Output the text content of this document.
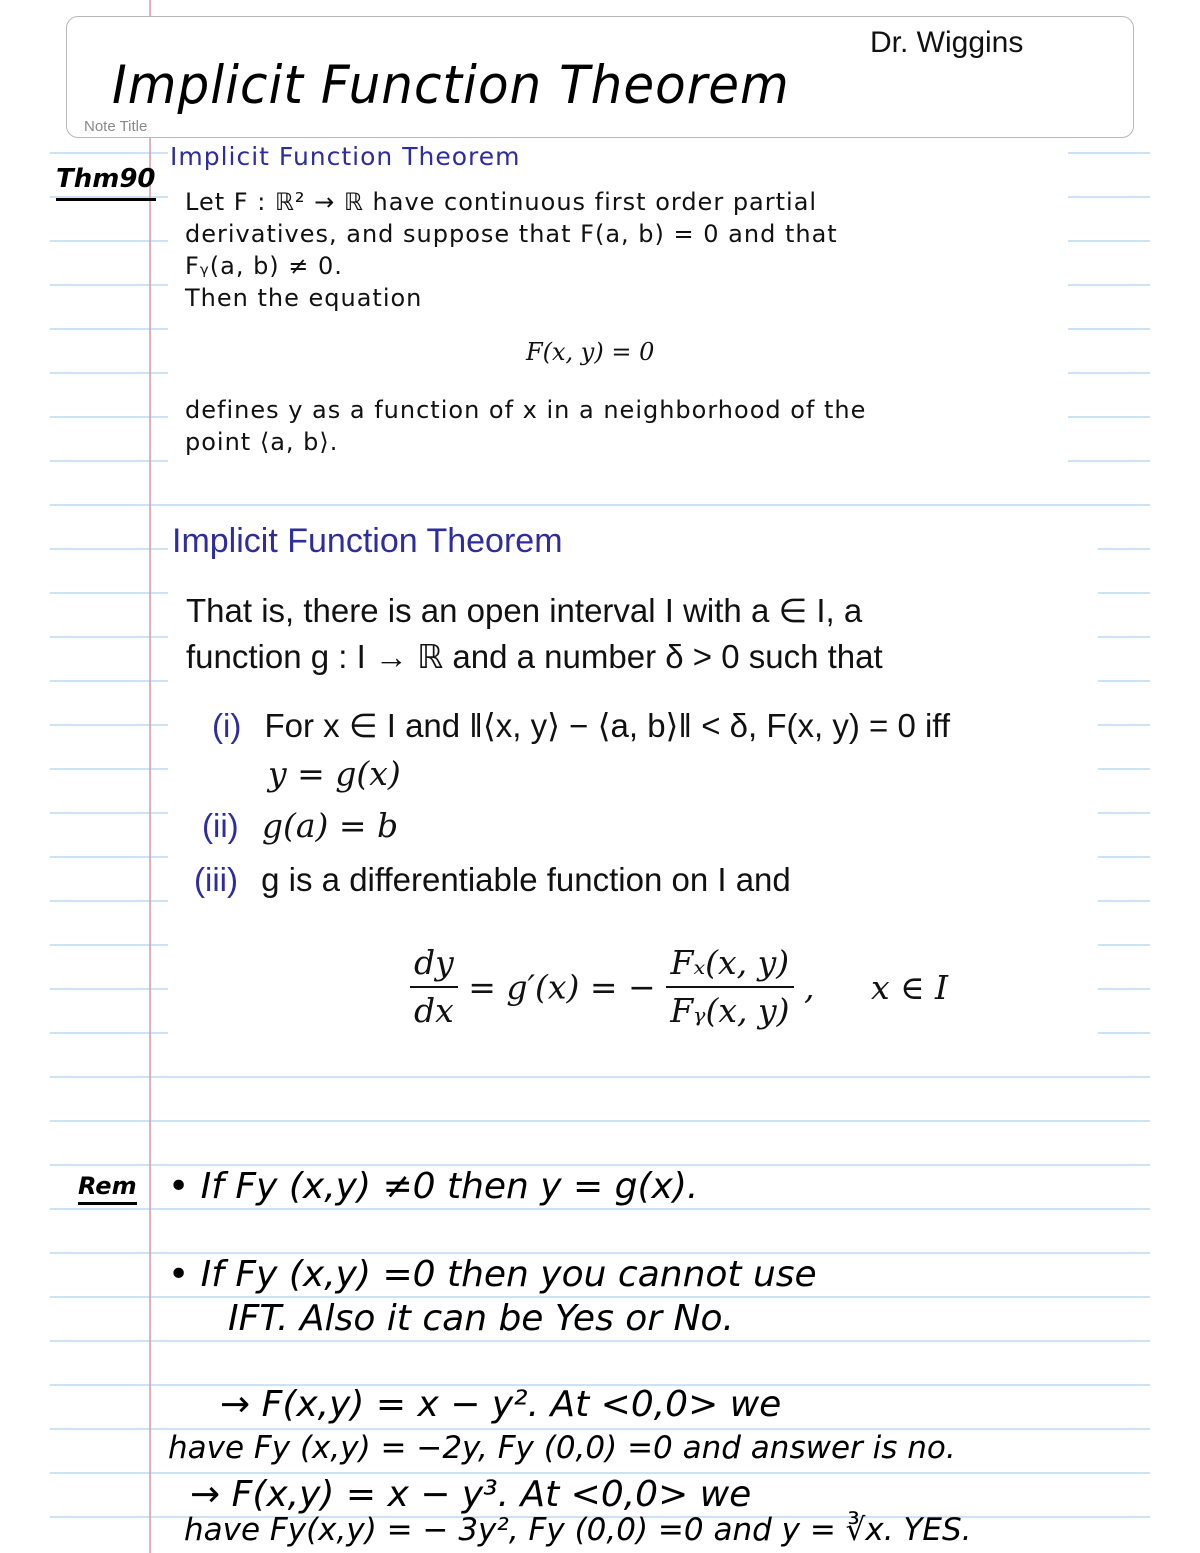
Dr. Wiggins
Implicit Function Theorem
Note Title
Thm90
Implicit Function Theorem
Let F : ℝ² → ℝ have continuous first order partial
derivatives, and suppose that F(a, b) = 0 and that
Fᵧ(a, b) ≠ 0.
Then the equation
F(x, y) = 0
defines y as a function of x in a neighborhood of the
point ⟨a, b⟩.
Implicit Function Theorem
That is, there is an open interval I with a ∈ I, a
function g : I → ℝ and a number δ > 0 such that
(i) For x ∈ I and ‖⟨x, y⟩ − ⟨a, b⟩‖ < δ, F(x, y) = 0 iff
y = g(x)
(ii) g(a) = b
(iii) g is a differentiable function on I and
$\frac{dy}{dx} = g'(x)$ = − $\frac{\text{Fₓ(x, y)}}{\text{Fᵧ(x, y)}}$ , x ∈ I
Rem • If Fy (x,y) ≠0 then y = g(x).
• If Fy (x,y) =0 then you cannot use
IFT. Also it can be Yes or No.
→ F(x,y) = x − y². At <0,0> we
have Fy (x,y) = −2y, Fy (0,0) =0 and answer is no.
→ F(x,y) = x − y³. At <0,0> we
have Fy(x,y) = − 3y², Fy (0,0) =0 and y = ∛x. YES.
